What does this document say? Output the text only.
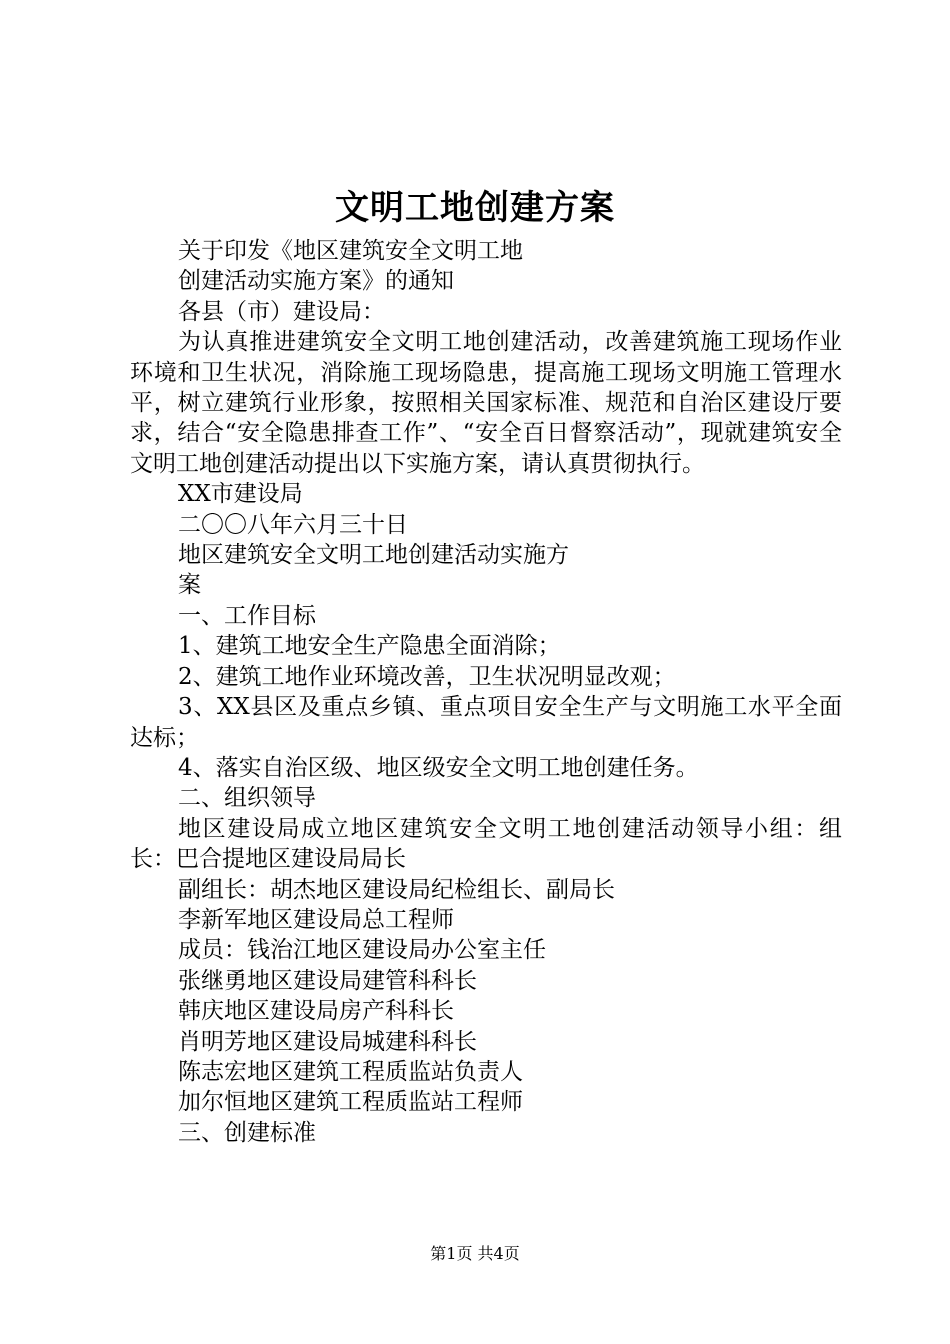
文明工地创建方案

关于印发《地区建筑安全文明工地

创建活动实施方案》的通知

各县（市）建设局：

为认真推进建筑安全文明工地创建活动，改善建筑施工现场作业环境和卫生状况，消除施工现场隐患，提高施工现场文明施工管理水平，树立建筑行业形象，按照相关国家标准、规范和自治区建设厅要求，结合“安全隐患排查工作”、“安全百日督察活动”，现就建筑安全文明工地创建活动提出以下实施方案，请认真贯彻执行。

XX市建设局

二〇〇八年六月三十日

地区建筑安全文明工地创建活动实施方

案

一、工作目标

1、建筑工地安全生产隐患全面消除；

2、建筑工地作业环境改善，卫生状况明显改观；

3、XX县区及重点乡镇、重点项目安全生产与文明施工水平全面达标；

4、落实自治区级、地区级安全文明工地创建任务。

二、组织领导

地区建设局成立地区建筑安全文明工地创建活动领导小组：组长：巴合提地区建设局局长

副组长：胡杰地区建设局纪检组长、副局长

李新军地区建设局总工程师

成员：钱治江地区建设局办公室主任

张继勇地区建设局建管科科长

韩庆地区建设局房产科科长

肖明芳地区建设局城建科科长

陈志宏地区建筑工程质监站负责人

加尔恒地区建筑工程质监站工程师

三、创建标准

第1页 共4页
